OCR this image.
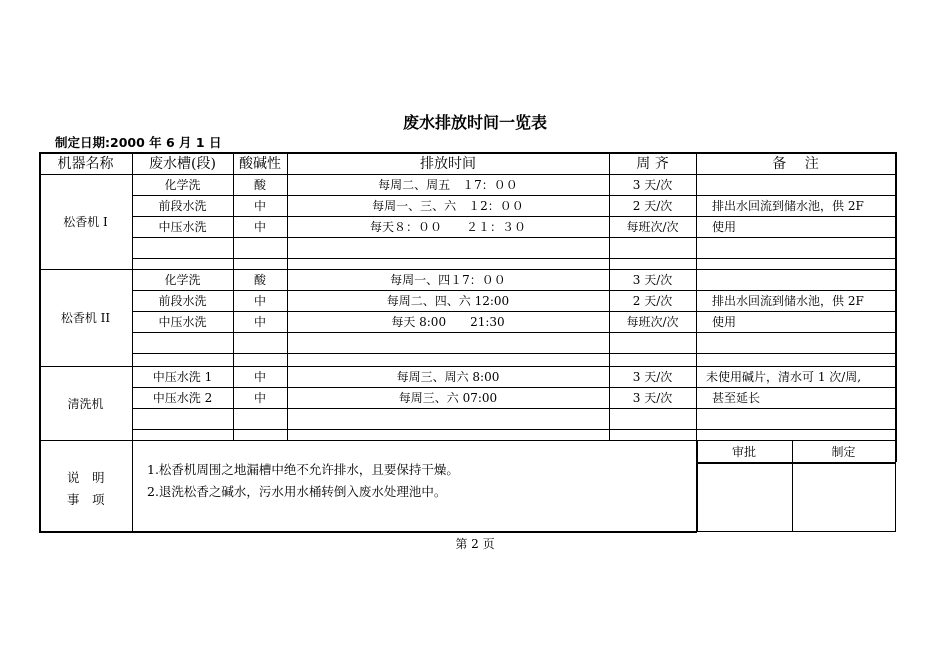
废水排放时间一览表
制定日期:2000 年 6 月 1 日
机器名称	废水槽(段)	酸碱性	排放时间	周 齐	备　 注
松香机 I
化学洗	酸	每周二、周五　１7：００	3 天/次
前段水洗	中	每周一、三、六　１2：００	2 天/次	排出水回流到储水池，供 2F
中压水洗	中	每天８：００　　２１：３０	每班次/次	使用
松香机 II
化学洗	酸	每周一、四１7：００	3 天/次
前段水洗	中	每周二、四、六 12:00	2 天/次	排出水回流到储水池，供 2F
中压水洗	中	每天 8:00　　21:30	每班次/次	使用
清洗机
中压水洗 1	中	每周三、周六 8:00	3 天/次	未使用碱片，清水可 1 次/周,
中压水洗 2	中	每周三、六 07:00	3 天/次	甚至延长
审批	制定
说　明
事　项
1.松香机周围之地漏槽中绝不允许排水，且要保持干燥。
2.退洗松香之碱水，污水用水桶转倒入废水处理池中。
第 2 页
